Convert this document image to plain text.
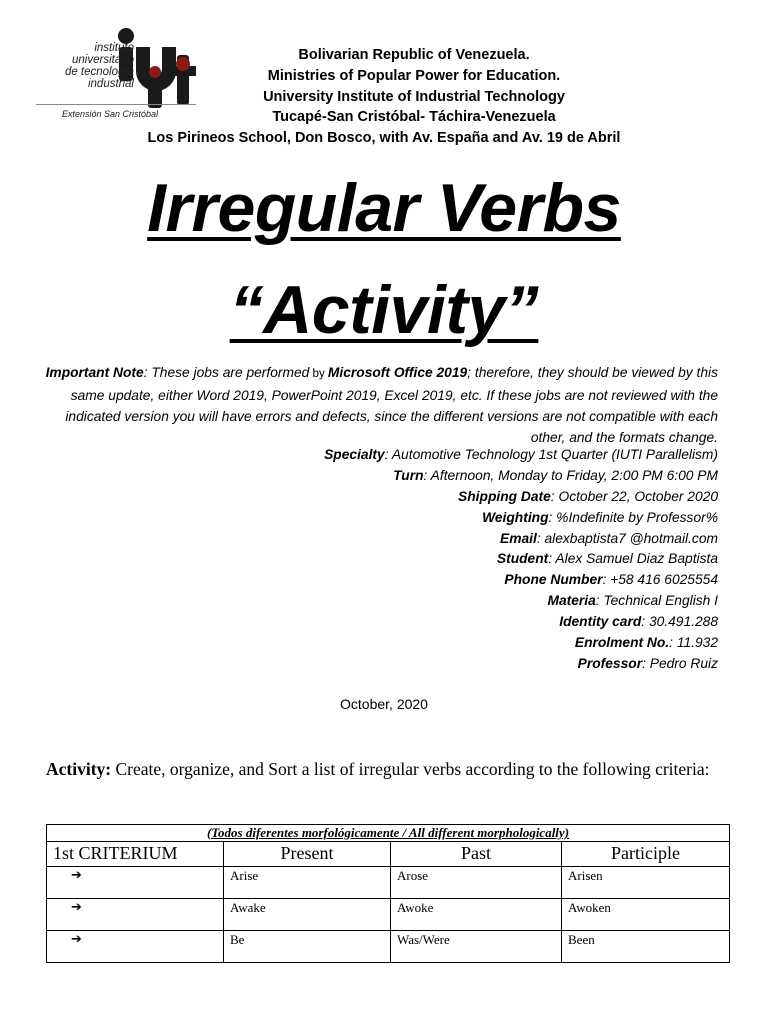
instituto
universitario
de tecnología
industrial
Extensión San Cristóbal
Bolivarian Republic of Venezuela.
Ministries of Popular Power for Education.
University Institute of Industrial Technology
Tucapé-San Cristóbal- Táchira-Venezuela
Los Pirineos School, Don Bosco, with Av. España and Av. 19 de Abril
Irregular Verbs
“Activity”
Important Note: These jobs are performed by Microsoft Office 2019; therefore, they should be viewed by this same update, either Word 2019, PowerPoint 2019, Excel 2019, etc. If these jobs are not reviewed with the indicated version you will have errors and defects, since the different versions are not compatible with each other, and the formats change.
Specialty: Automotive Technology 1st Quarter (IUTI Parallelism)
Turn: Afternoon, Monday to Friday, 2:00 PM 6:00 PM
Shipping Date: October 22, October 2020
Weighting: %Indefinite by Professor%
Email: alexbaptista7 @hotmail.com
Student: Alex Samuel Diaz Baptista
Phone Number: +58 416 6025554
Materia: Technical English I
Identity card: 30.491.288
Enrolment No.: 11.932
Professor: Pedro Ruiz
October, 2020
Activity: Create, organize, and Sort a list of irregular verbs according to the following criteria:
(Todos diferentes morfológicamente / All different morphologically)			
1st CRITERIUM	Present	Past	Participle
➔	Arise	Arose	Arisen
➔	Awake	Awoke	Awoken
➔	Be	Was/Were	Been
